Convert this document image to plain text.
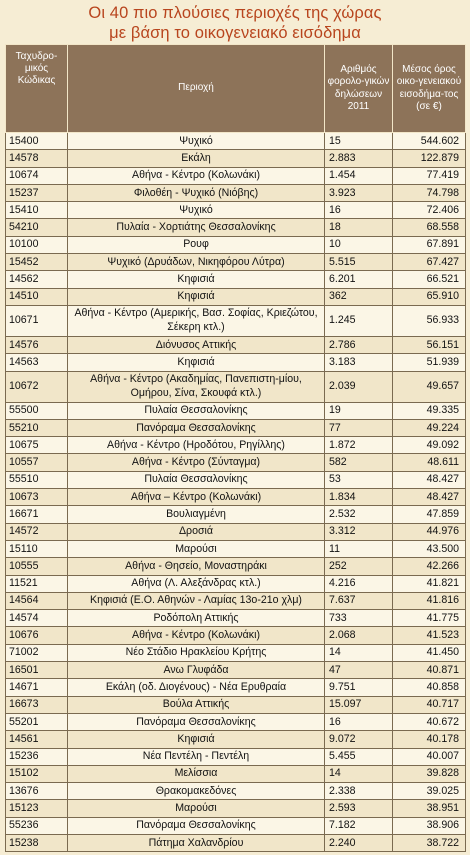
Οι 40 πιο πλούσιες περιοχές της χώρας
με βάση το οικογενειακό εισόδημα
Ταχυδρο-μικός Κώδικας	Περιοχή	Αριθμός φορολο-γικών δηλώσεων 2011	Μέσος όρος οικο-γενειακού εισοδήμα-τος (σε €)
15400	Ψυχικό	15	544.602
14578	Εκάλη	2.883	122.879
10674	Αθήνα - Κέντρο (Κολωνάκι)	1.454	77.419
15237	Φιλοθέη - Ψυχικό (Νιόβης)	3.923	74.798
15410	Ψυχικό	16	72.406
54210	Πυλαία - Χορτιάτης Θεσσαλονίκης	18	68.558
10100	Ρουφ	10	67.891
15452	Ψυχικό (Δρυάδων, Νικηφόρου Λύτρα)	5.515	67.427
14562	Κηφισιά	6.201	66.521
14510	Κηφισιά	362	65.910
10671	Αθήνα - Κέντρο (Αμερικής, Βασ. Σοφίας, Κριεζώτου, Σέκερη κτλ.)	1.245	56.933
14576	Διόνυσος Αττικής	2.786	56.151
14563	Κηφισιά	3.183	51.939
10672	Αθήνα - Κέντρο (Ακαδημίας, Πανεπιστη-μίου, Ομήρου, Σίνα, Σκουφά κτλ.)	2.039	49.657
55500	Πυλαία Θεσσαλονίκης	19	49.335
55210	Πανόραμα Θεσσαλονίκης	77	49.224
10675	Αθήνα - Κέντρο (Ηροδότου, Ρηγίλλης)	1.872	49.092
10557	Αθήνα - Κέντρο (Σύνταγμα)	582	48.611
55510	Πυλαία Θεσσαλονίκης	53	48.427
10673	Αθήνα – Κέντρο (Κολωνάκι)	1.834	48.427
16671	Βουλιαγμένη	2.532	47.859
14572	Δροσιά	3.312	44.976
15110	Μαρούσι	11	43.500
10555	Αθήνα - Θησείο, Μοναστηράκι	252	42.266
11521	Αθήνα (Λ. Αλεξάνδρας κτλ.)	4.216	41.821
14564	Κηφισιά (Ε.Ο. Αθηνών - Λαμίας 13ο-21ο χλμ)	7.637	41.816
14574	Ροδόπολη Αττικής	733	41.775
10676	Αθήνα - Κέντρο (Κολωνάκι)	2.068	41.523
71002	Νέο Στάδιο Ηρακλείου Κρήτης	14	41.450
16501	Ανω Γλυφάδα	47	40.871
14671	Εκάλη (οδ. Διογένους) - Νέα Ερυθραία	9.751	40.858
16673	Βούλα Αττικής	15.097	40.717
55201	Πανόραμα Θεσσαλονίκης	16	40.672
14561	Κηφισιά	9.072	40.178
15236	Νέα Πεντέλη - Πεντέλη	5.455	40.007
15102	Μελίσσια	14	39.828
13676	Θρακομακεδόνες	2.338	39.025
15123	Μαρούσι	2.593	38.951
55236	Πανόραμα Θεσσαλονίκης	7.182	38.906
15238	Πάτημα Χαλανδρίου	2.240	38.722
